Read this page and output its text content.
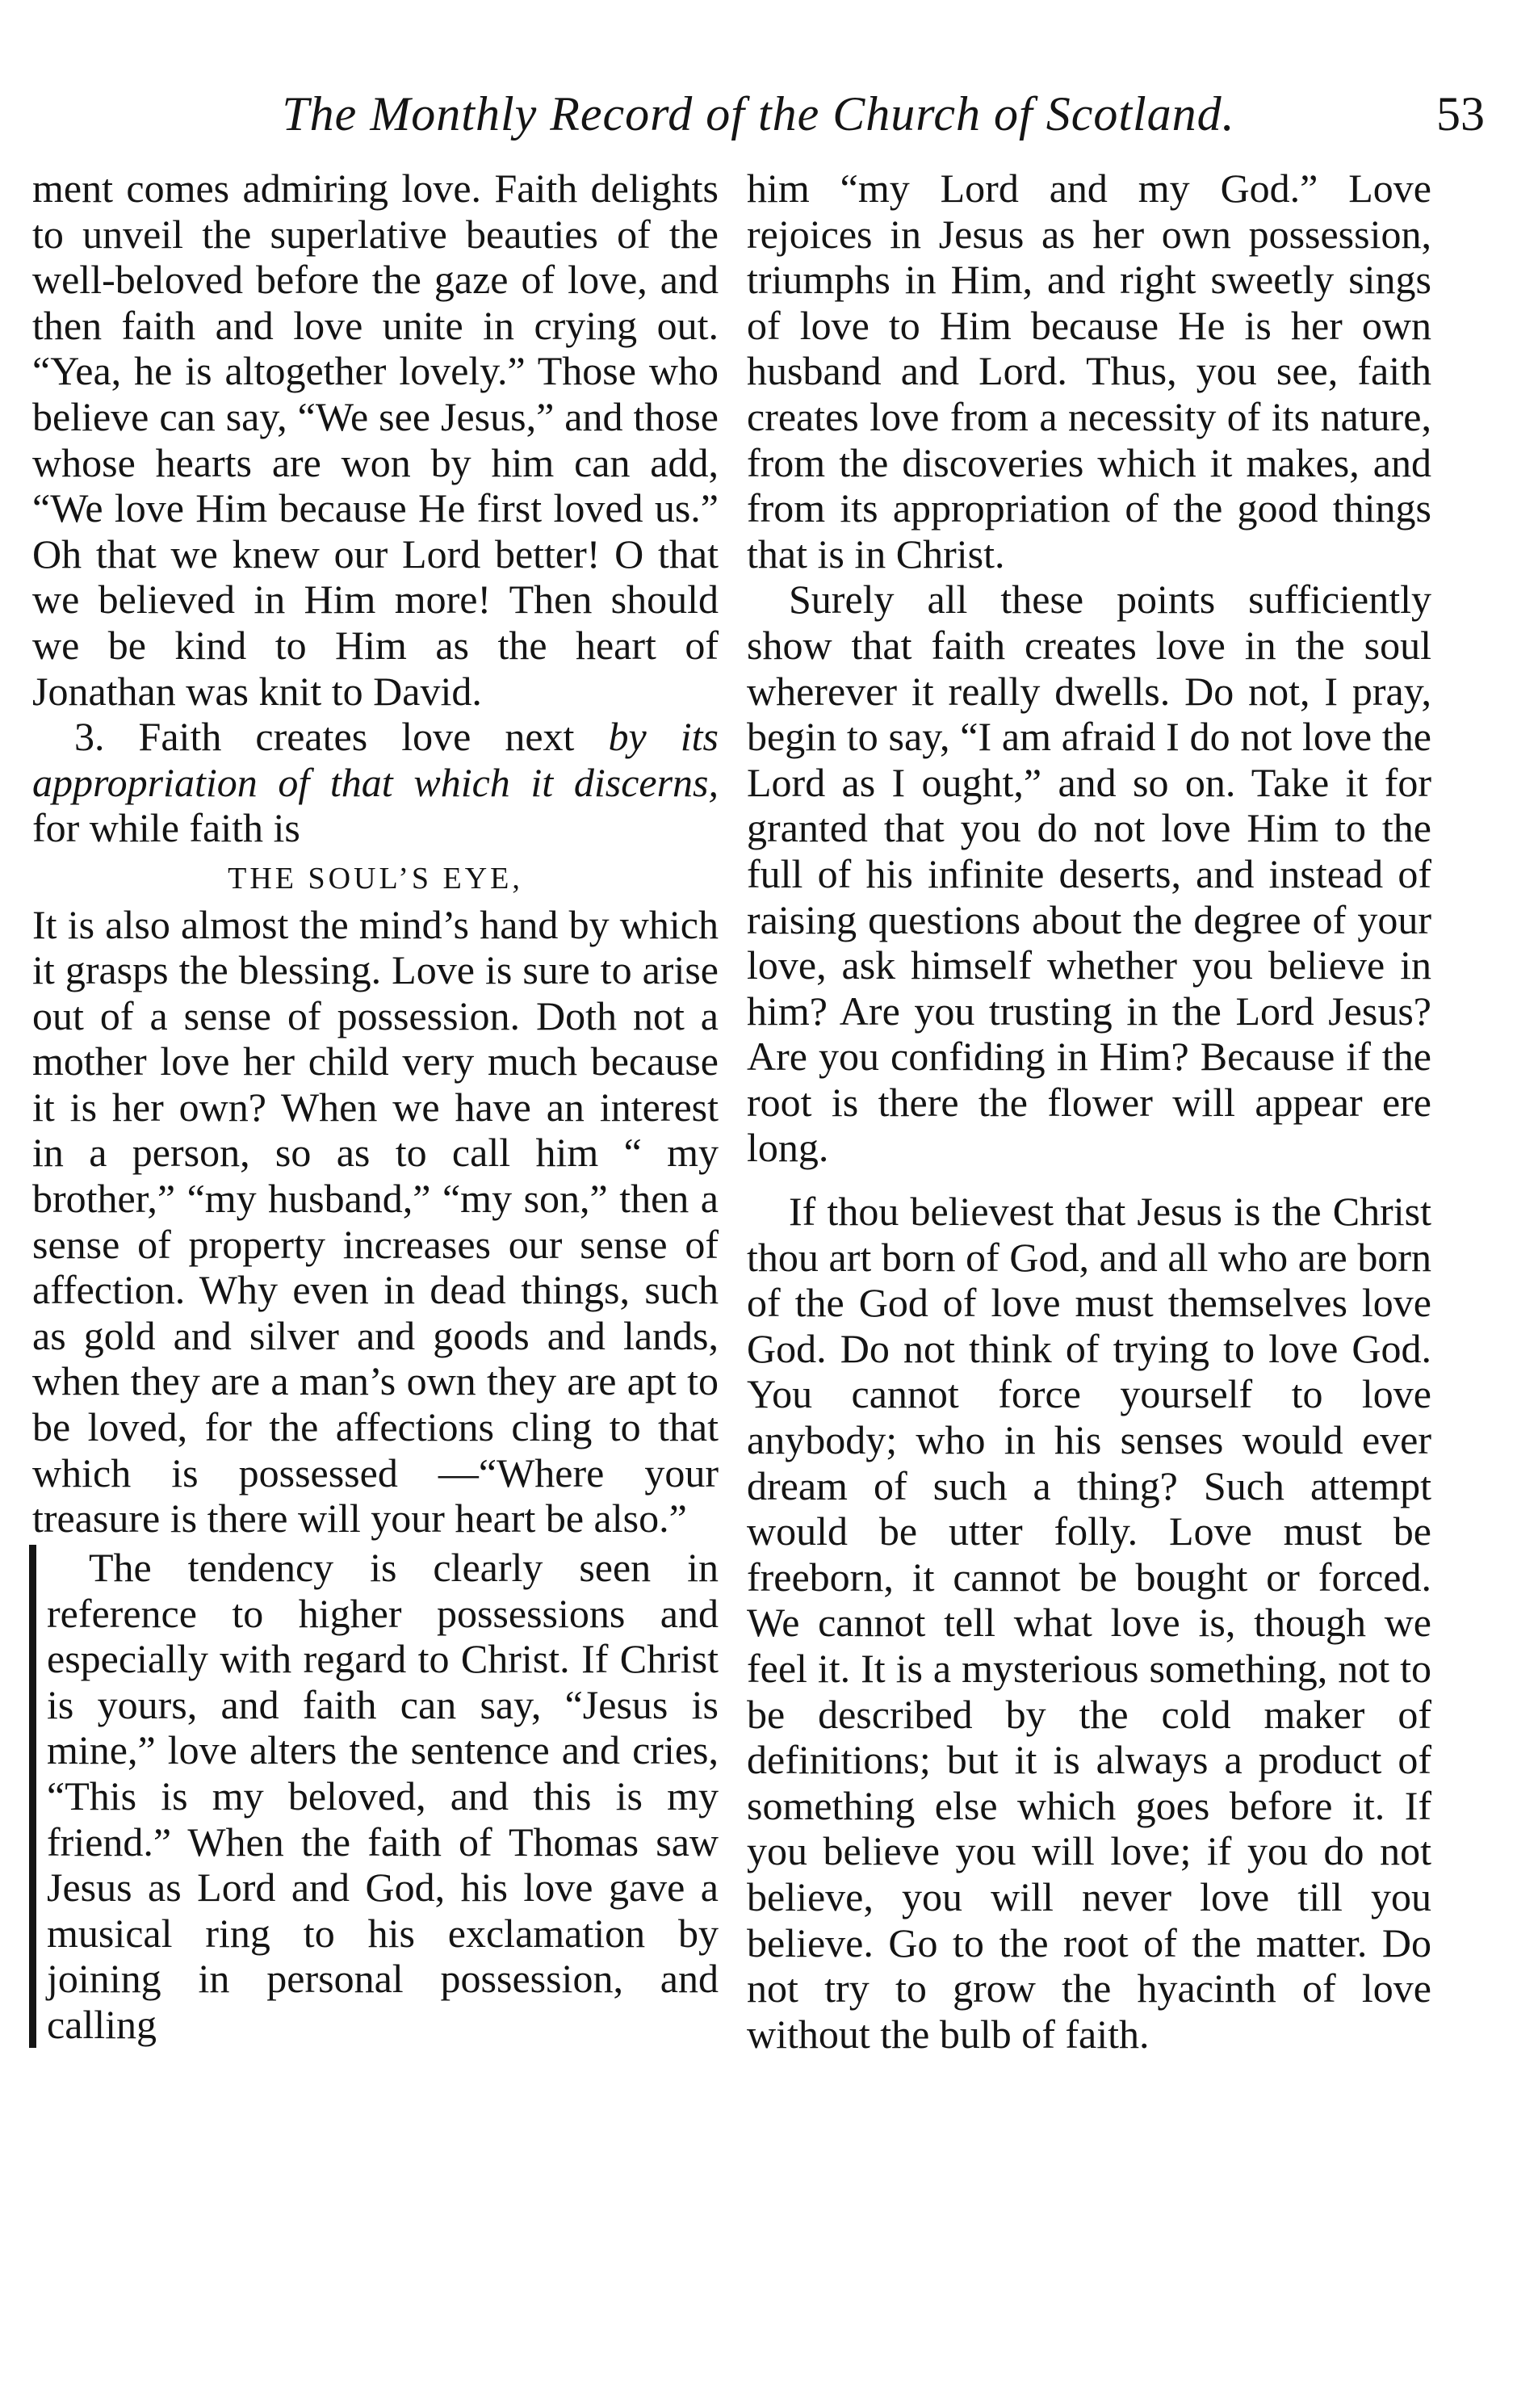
The Monthly Record of the Church of Scotland.	53

ment comes admiring love. Faith delights to unveil the superlative beauties of the well-beloved before the gaze of love, and then faith and love unite in crying out. “Yea, he is altogether lovely.” Those who believe can say, “We see Jesus,” and those whose hearts are won by him can add, “We love Him because He first loved us.” Oh that we knew our Lord better! O that we believed in Him more! Then should we be kind to Him as the heart of Jonathan was knit to David.

3. Faith creates love next by its appropriation of that which it discerns, for while faith is

THE SOUL’S EYE,

It is also almost the mind’s hand by which it grasps the blessing. Love is sure to arise out of a sense of possession. Doth not a mother love her child very much because it is her own? When we have an interest in a person, so as to call him “ my brother,” “my husband,” “my son,” then a sense of property increases our sense of affection. Why even in dead things, such as gold and silver and goods and lands, when they are a man’s own they are apt to be loved, for the affections cling to that which is possessed —“Where your treasure is there will your heart be also.”

The tendency is clearly seen in reference to higher possessions and especially with regard to Christ. If Christ is yours, and faith can say, “Jesus is mine,” love alters the sentence and cries, “This is my beloved, and this is my friend.” When the faith of Thomas saw Jesus as Lord and God, his love gave a musical ring to his exclamation by joining in personal possession, and calling

him “my Lord and my God.” Love rejoices in Jesus as her own possession, triumphs in Him, and right sweetly sings of love to Him because He is her own husband and Lord. Thus, you see, faith creates love from a necessity of its nature, from the discoveries which it makes, and from its appropriation of the good things that is in Christ.

Surely all these points sufficiently show that faith creates love in the soul wherever it really dwells. Do not, I pray, begin to say, “I am afraid I do not love the Lord as I ought,” and so on. Take it for granted that you do not love Him to the full of his infinite deserts, and instead of raising questions about the degree of your love, ask himself whether you believe in him? Are you trusting in the Lord Jesus? Are you confiding in Him? Because if the root is there the flower will appear ere long.

If thou believest that Jesus is the Christ thou art born of God, and all who are born of the God of love must themselves love God. Do not think of trying to love God. You cannot force yourself to love anybody; who in his senses would ever dream of such a thing? Such attempt would be utter folly. Love must be freeborn, it cannot be bought or forced. We cannot tell what love is, though we feel it. It is a mysterious something, not to be described by the cold maker of definitions; but it is always a product of something else which goes before it. If you believe you will love; if you do not believe, you will never love till you believe. Go to the root of the matter. Do not try to grow the hyacinth of love without the bulb of faith.
